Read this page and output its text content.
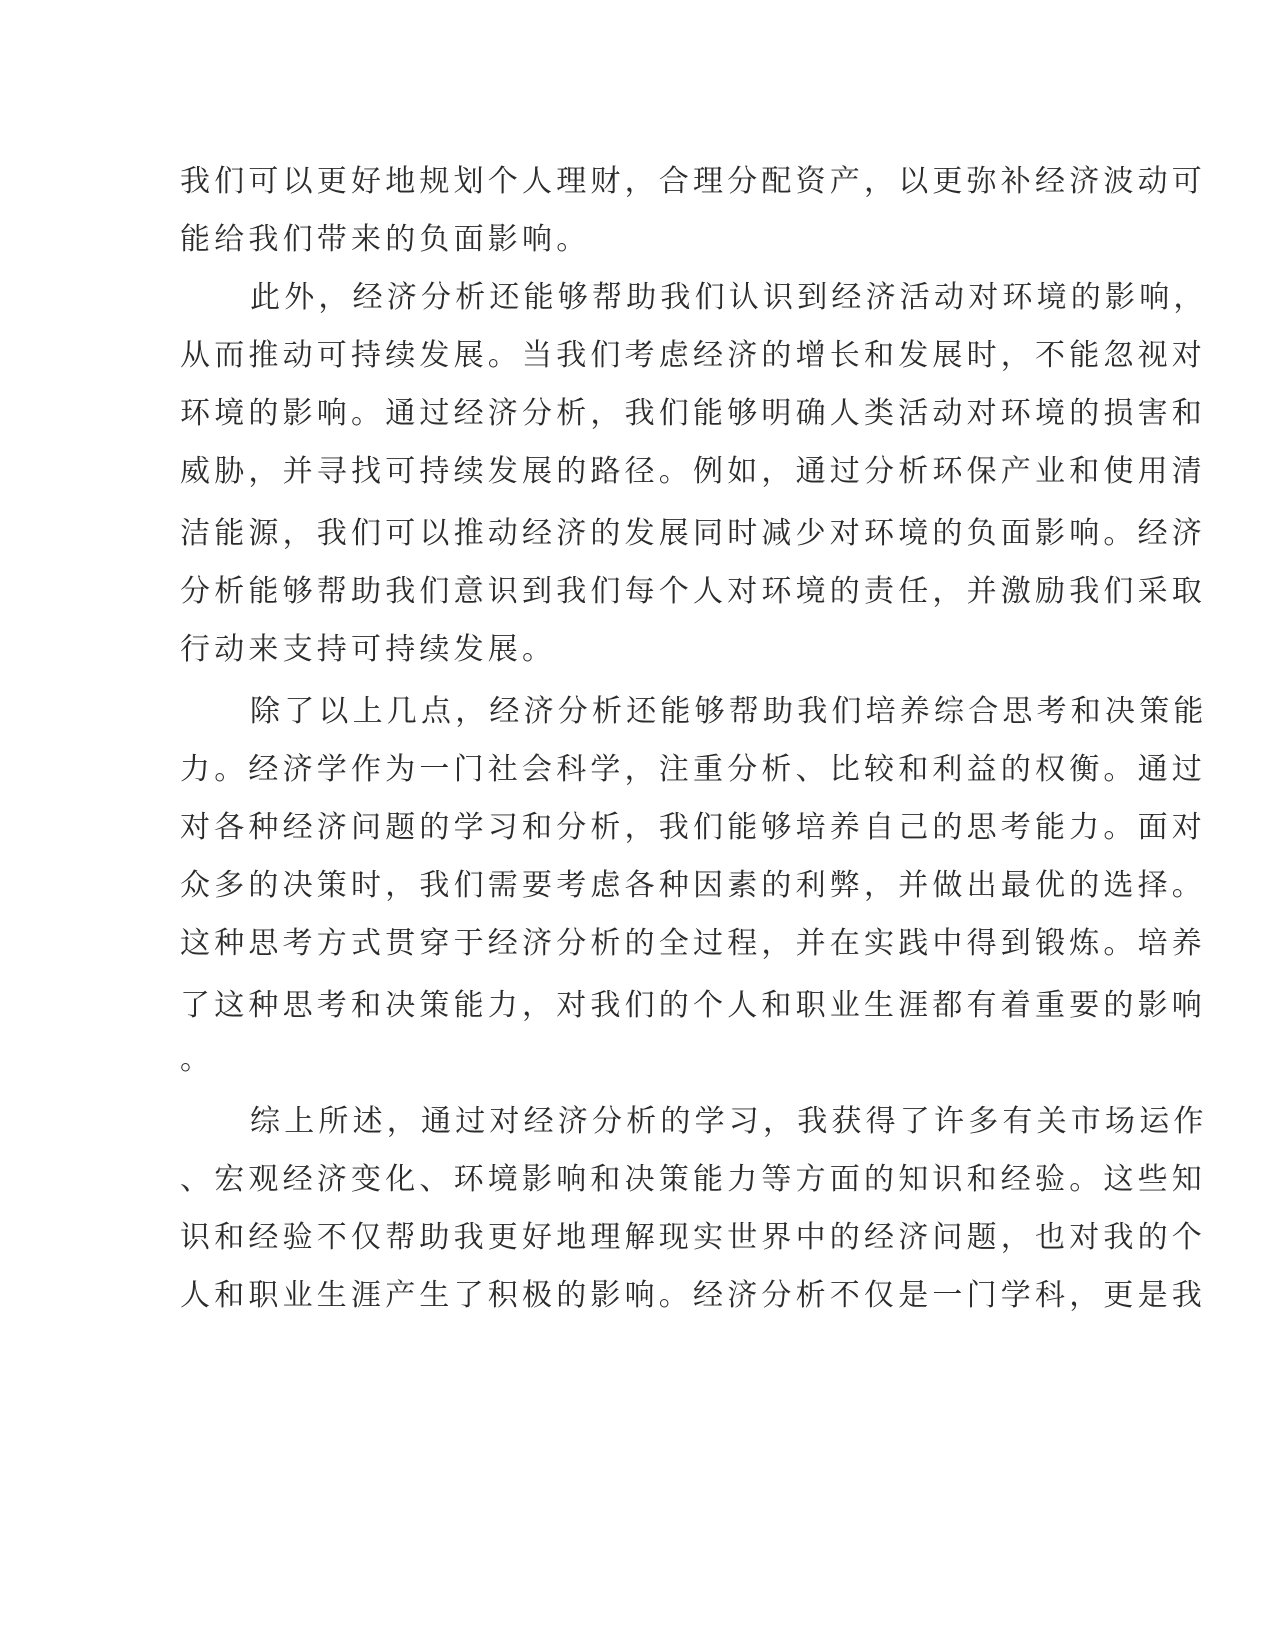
我们可以更好地规划个人理财，合理分配资产，以更弥补经济波动可
能给我们带来的负面影响。
此外，经济分析还能够帮助我们认识到经济活动对环境的影响，
从而推动可持续发展。当我们考虑经济的增长和发展时，不能忽视对
环境的影响。通过经济分析，我们能够明确人类活动对环境的损害和
威胁，并寻找可持续发展的路径。例如，通过分析环保产业和使用清
洁能源，我们可以推动经济的发展同时减少对环境的负面影响。经济
分析能够帮助我们意识到我们每个人对环境的责任，并激励我们采取
行动来支持可持续发展。
除了以上几点，经济分析还能够帮助我们培养综合思考和决策能
力。经济学作为一门社会科学，注重分析、比较和利益的权衡。通过
对各种经济问题的学习和分析，我们能够培养自己的思考能力。面对
众多的决策时，我们需要考虑各种因素的利弊，并做出最优的选择。
这种思考方式贯穿于经济分析的全过程，并在实践中得到锻炼。培养
了这种思考和决策能力，对我们的个人和职业生涯都有着重要的影响
。
综上所述，通过对经济分析的学习，我获得了许多有关市场运作
、宏观经济变化、环境影响和决策能力等方面的知识和经验。这些知
识和经验不仅帮助我更好地理解现实世界中的经济问题，也对我的个
人和职业生涯产生了积极的影响。经济分析不仅是一门学科，更是我
